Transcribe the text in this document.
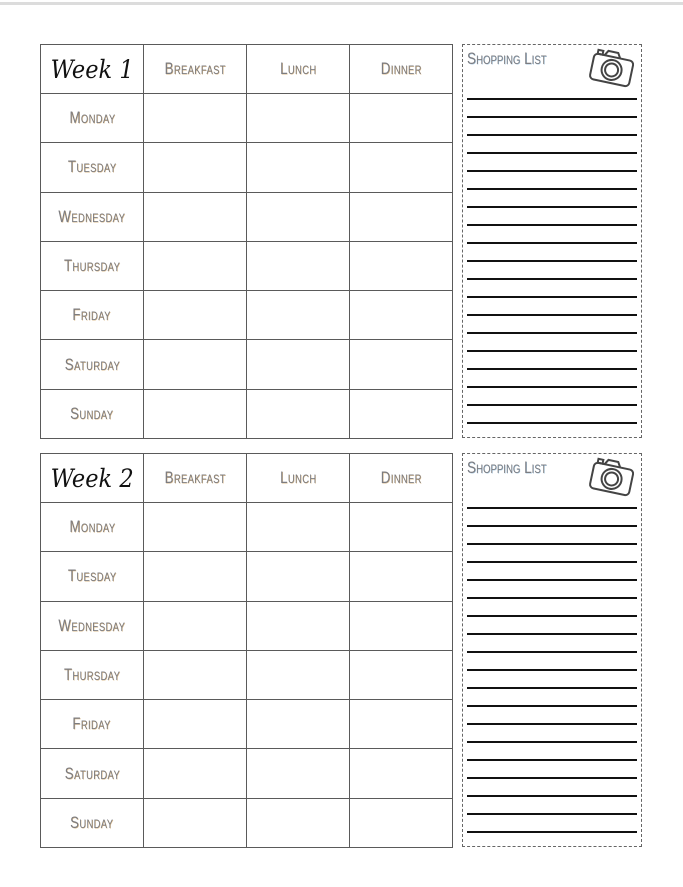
Week 1	Breakfast	Lunch	Dinner
Monday			
Tuesday			
Wednesday			
Thursday			
Friday			
Saturday			
Sunday			
Shopping List
Week 2	Breakfast	Lunch	Dinner
Monday			
Tuesday			
Wednesday			
Thursday			
Friday			
Saturday			
Sunday			
Shopping List
